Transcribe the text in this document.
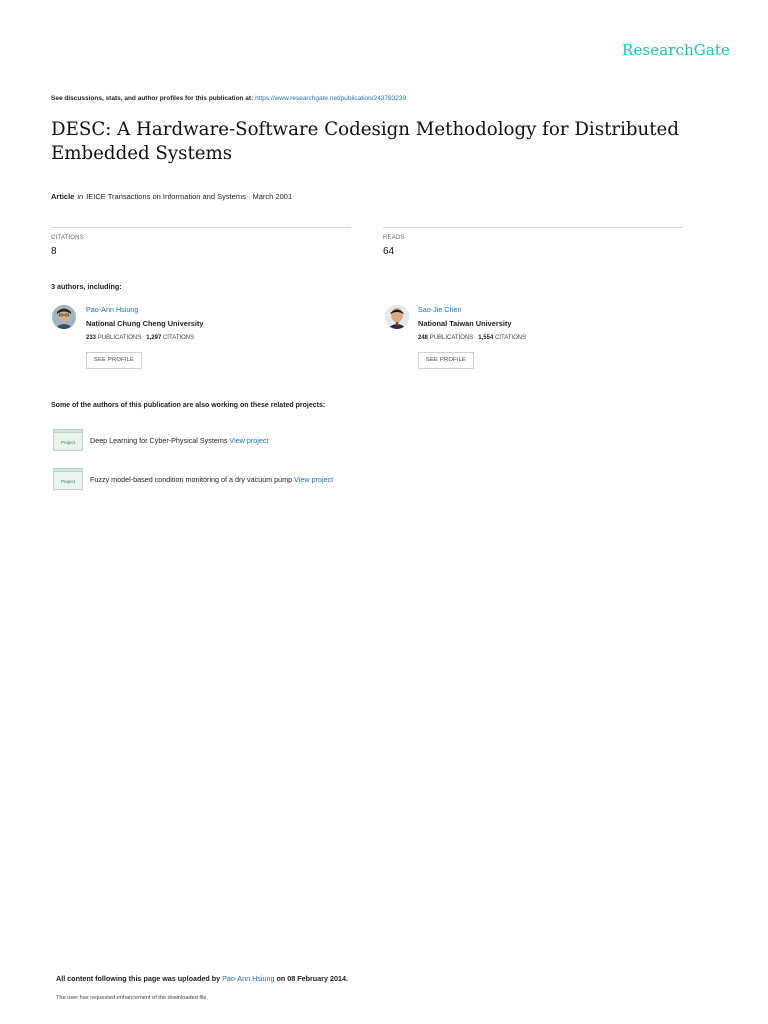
ResearchGate
See discussions, stats, and author profiles for this publication at: https://www.researchgate.net/publication/243783239
DESC: A Hardware-Software Codesign Methodology for Distributed Embedded Systems
Article in IEICE Transactions on Information and Systems · March 2001
CITATIONS
8
READS
64
3 authors, including:
Pao-Ann Hsiung
National Chung Cheng University
233 PUBLICATIONS 1,297 CITATIONS
SEE PROFILE
Sao-Jie Chen
National Taiwan University
248 PUBLICATIONS 1,554 CITATIONS
SEE PROFILE
Some of the authors of this publication are also working on these related projects:
Project Deep Learning for Cyber-Physical Systems View project
Project Fuzzy model-based condition monitoring of a dry vacuum pump View project
All content following this page was uploaded by Pao-Ann Hsiung on 08 February 2014.
The user has requested enhancement of the downloaded file.
